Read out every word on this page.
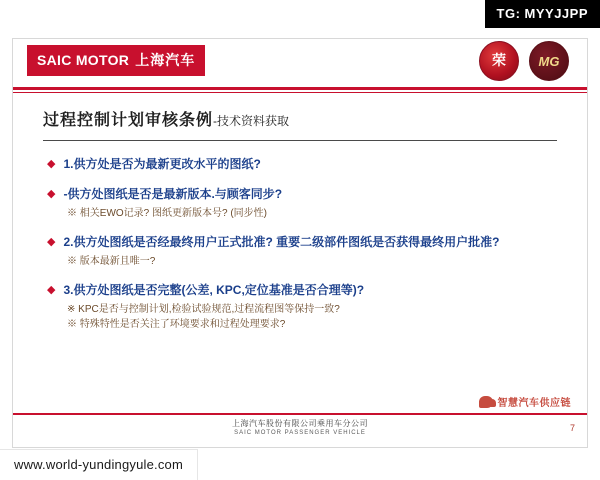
TG: MYYJJPP
SAIC MOTOR 上海汽车	荣	MG
过程控制计划审核条例-技术资料获取
◆ 1.供方处是否为最新更改水平的图纸?
◆ -供方处图纸是否是最新版本.与顾客同步?
※ 相关EWO记录? 图纸更新版本号? (同步性)
◆ 2.供方处图纸是否经最终用户正式批准? 重要二级部件图纸是否获得最终用户批准?
※ 版本最新且唯一?
◆ 3.供方处图纸是否完整(公差, KPC,定位基准是否合理等)?
※ KPC是否与控制计划,检验试验规范,过程流程图等保持一致?
※ 特殊特性是否关注了环境要求和过程处理要求?
智慧汽车供应链
上海汽车股份有限公司乘用车分公司
SAIC MOTOR PASSENGER VEHICLE	7
www.world-yundingyule.com
